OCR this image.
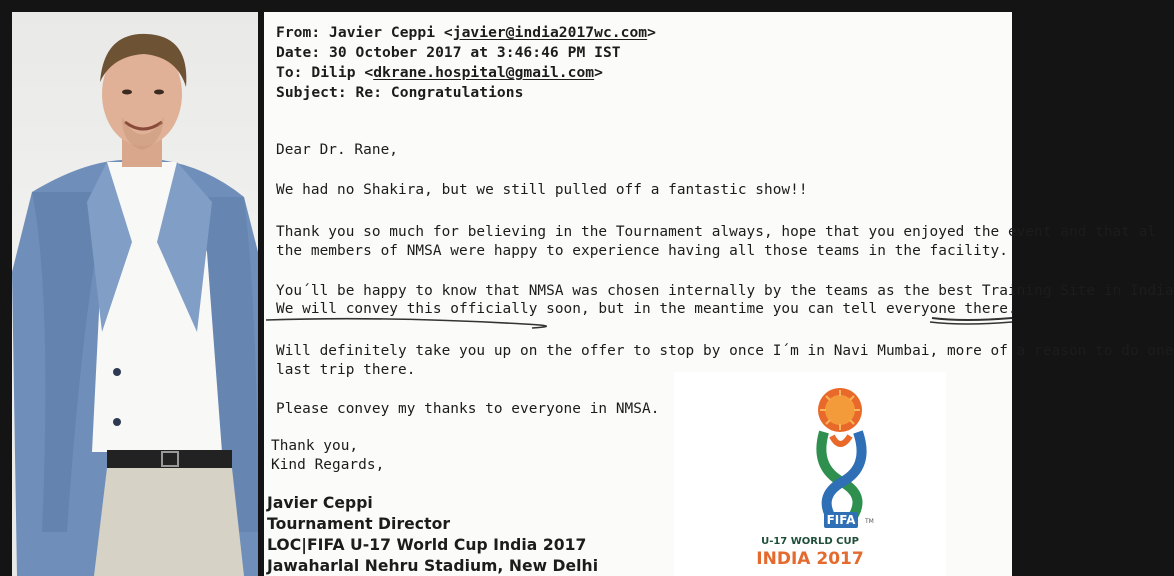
From: Javier Ceppi <javier@india2017wc.com>
Date: 30 October 2017 at 3:46:46 PM IST
To: Dilip <dkrane.hospital@gmail.com>
Subject: Re: Congratulations
Dear Dr. Rane,
We had no Shakira, but we still pulled off a fantastic show!!
Thank you so much for believing in the Tournament always, hope that you enjoyed the event and that al
the members of NMSA were happy to experience having all those teams in the facility.
You´ll be happy to know that NMSA was chosen internally by the teams as the best Training Site in India
We will convey this officially soon, but in the meantime you can tell everyone there.
Will definitely take you up on the offer to stop by once I´m in Navi Mumbai, more of a reason to do one
last trip there.
Please convey my thanks to everyone in NMSA.
Thank you,
Kind Regards,
Javier Ceppi
Tournament Director
LOC|FIFA U-17 World Cup India 2017
Jawaharlal Nehru Stadium, New Delhi
FIFA	TM
U-17 WORLD CUP
INDIA 2017
